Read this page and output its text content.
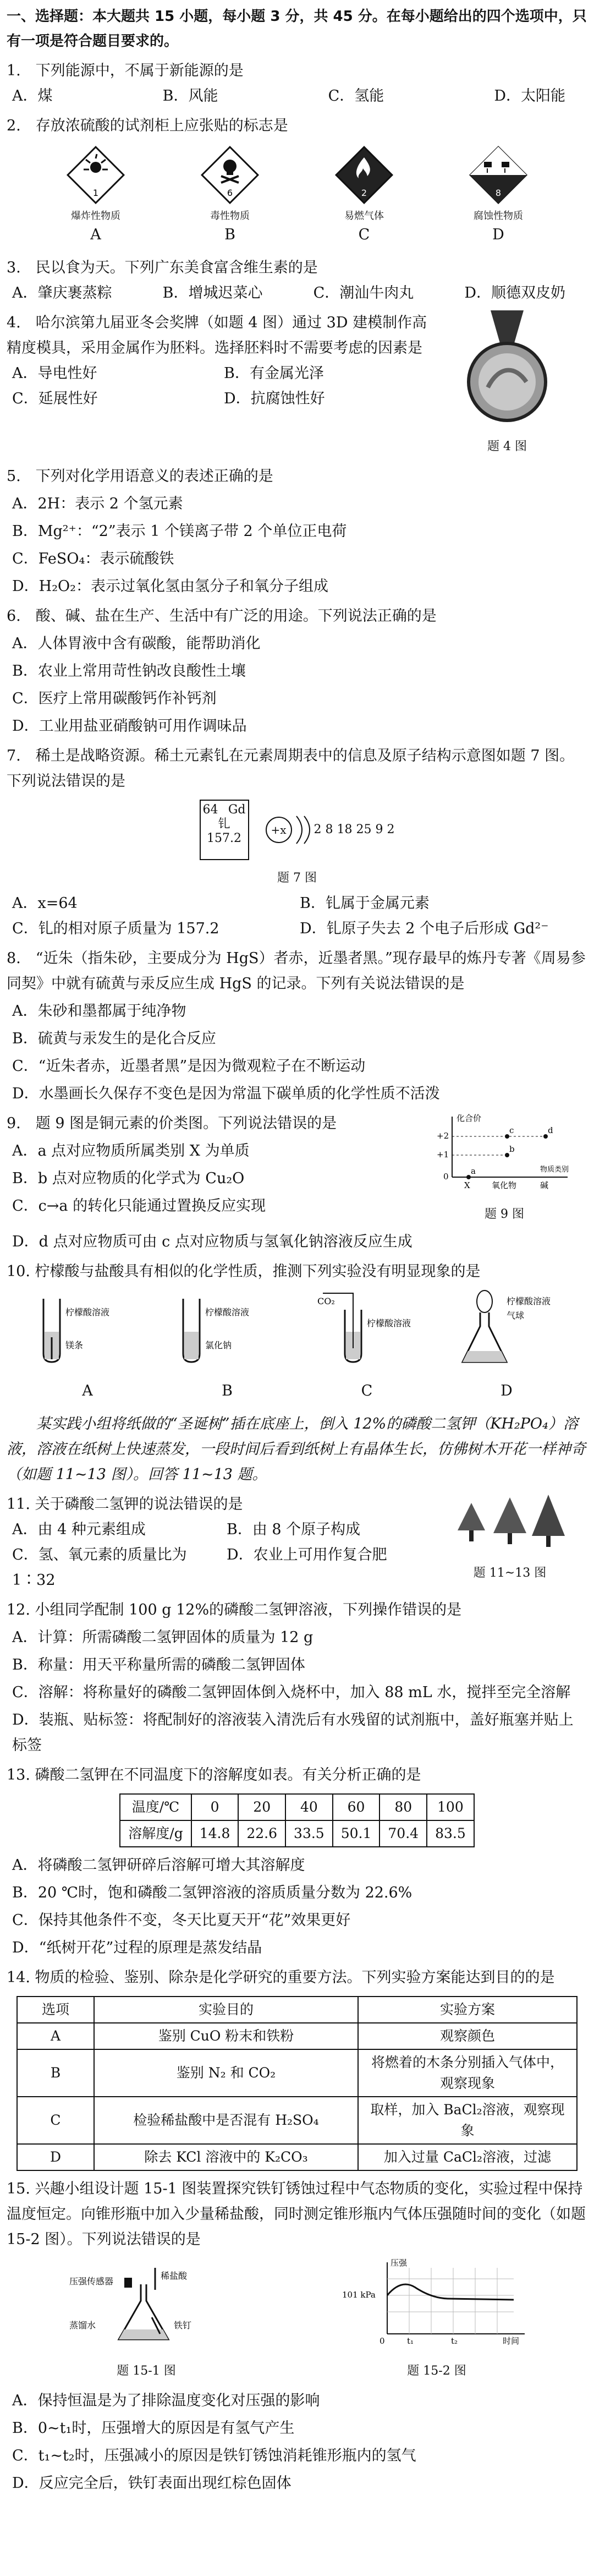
一、选择题：本大题共 15 小题，每小题 3 分，共 45 分。在每小题给出的四个选项中，只有一项是符合题目要求的。

1.　下列能源中，不属于新能源的是
A．煤	B．风能	C．氢能	D．太阳能
2.　存放浓硫酸的试剂柜上应张贴的标志是
1
爆炸性物质
A
6
毒性物质
B
2
易燃气体
C
8
腐蚀性物质
D
3.　民以食为天。下列广东美食富含维生素的是
A．肇庆裹蒸粽	B．增城迟菜心	C．潮汕牛肉丸	D．顺德双皮奶
4.　哈尔滨第九届亚冬会奖牌（如题 4 图）通过 3D 建模制作高精度模具，采用金属作为胚料。选择胚料时不需要考虑的因素是
A．导电性好	B．有金属光泽
C．延展性好	D．抗腐蚀性好
题 4 图
5.　下列对化学用语意义的表述正确的是
A．2H：表示 2 个氢元素
B．Mg²⁺：“2”表示 1 个镁离子带 2 个单位正电荷
C．FeSO₄：表示硫酸铁
D．H₂O₂：表示过氧化氢由氢分子和氧分子组成
6.　酸、碱、盐在生产、生活中有广泛的用途。下列说法正确的是
A．人体胃液中含有碳酸，能帮助消化
B．农业上常用苛性钠改良酸性土壤
C．医疗上常用碳酸钙作补钙剂
D．工业用盐亚硝酸钠可用作调味品
7.　稀土是战略资源。稀土元素钆在元素周期表中的信息及原子结构示意图如题 7 图。下列说法错误的是
64 Gd
钆
157.2
+x	2 8 18 25 9 2
题 7 图
A．x=64	B．钆属于金属元素
C．钆的相对原子质量为 157.2	D．钆原子失去 2 个电子后形成 Gd²⁻
8.　“近朱（指朱砂，主要成分为 HgS）者赤，近墨者黑。”现存最早的炼丹专著《周易参同契》中就有硫黄与汞反应生成 HgS 的记录。下列有关说法错误的是
A．朱砂和墨都属于纯净物
B．硫黄与汞发生的是化合反应
C．“近朱者赤，近墨者黑”是因为微观粒子在不断运动
D．水墨画长久保存不变色是因为常温下碳单质的化学性质不活泼
9.　题 9 图是铜元素的价类图。下列说法错误的是
A．a 点对应物质所属类别 X 为单质
B．b 点对应物质的化学式为 Cu₂O
C．c→a 的转化只能通过置换反应实现
化合价
+2
+1
0
a
b
c	d
X	氧化物	碱
物质类别
题 9 图
D．d 点对应物质可由 c 点对应物质与氢氧化钠溶液反应生成
10. 柠檬酸与盐酸具有相似的化学性质，推测下列实验没有明显现象的是
柠檬酸溶液
镁条
A
柠檬酸溶液
氯化钠
B
CO₂
柠檬酸溶液
C
柠檬酸溶液
气球
D

某实践小组将纸做的“圣诞树”插在底座上，倒入 12%的磷酸二氢钾（KH₂PO₄）溶液，溶液在纸树上快速蒸发，一段时间后看到纸树上有晶体生长，仿佛树木开花一样神奇（如题 11~13 图）。回答 11~13 题。

11. 关于磷酸二氢钾的说法错误的是
A．由 4 种元素组成	B．由 8 个原子构成
C．氢、氧元素的质量比为 1∶32
D．农业上可用作复合肥
题 11~13 图
12. 小组同学配制 100 g 12%的磷酸二氢钾溶液，下列操作错误的是
A．计算：所需磷酸二氢钾固体的质量为 12 g
B．称量：用天平称量所需的磷酸二氢钾固体
C．溶解：将称量好的磷酸二氢钾固体倒入烧杯中，加入 88 mL 水，搅拌至完全溶解
D．装瓶、贴标签：将配制好的溶液装入清洗后有水残留的试剂瓶中，盖好瓶塞并贴上标签
13. 磷酸二氢钾在不同温度下的溶解度如表。有关分析正确的是
温度/℃	0	20	40	60	80	100
溶解度/g	14.8	22.6	33.5	50.1	70.4	83.5
A．将磷酸二氢钾研碎后溶解可增大其溶解度
B．20 ℃时，饱和磷酸二氢钾溶液的溶质质量分数为 22.6%
C．保持其他条件不变，冬天比夏天开“花”效果更好
D．“纸树开花”过程的原理是蒸发结晶
14. 物质的检验、鉴别、除杂是化学研究的重要方法。下列实验方案能达到目的的是
选项	实验目的	实验方案
A	鉴别 CuO 粉末和铁粉	观察颜色
B	鉴别 N₂ 和 CO₂	将燃着的木条分别插入气体中，观察现象
C	检验稀盐酸中是否混有 H₂SO₄	取样，加入 BaCl₂溶液，观察现象
D	除去 KCl 溶液中的 K₂CO₃	加入过量 CaCl₂溶液，过滤
15. 兴趣小组设计题 15-1 图装置探究铁钉锈蚀过程中气态物质的变化，实验过程中保持温度恒定。向锥形瓶中加入少量稀盐酸，同时测定锥形瓶内气体压强随时间的变化（如题 15-2 图）。下列说法错误的是
压强传感器
稀盐酸
蒸馏水	铁钉
题 15-1 图
压强
101 kPa
0	t₁	t₂	时间
题 15-2 图
A．保持恒温是为了排除温度变化对压强的影响
B．0~t₁时，压强增大的原因是有氢气产生
C．t₁~t₂时，压强减小的原因是铁钉锈蚀消耗锥形瓶内的氢气
D．反应完全后，铁钉表面出现红棕色固体
